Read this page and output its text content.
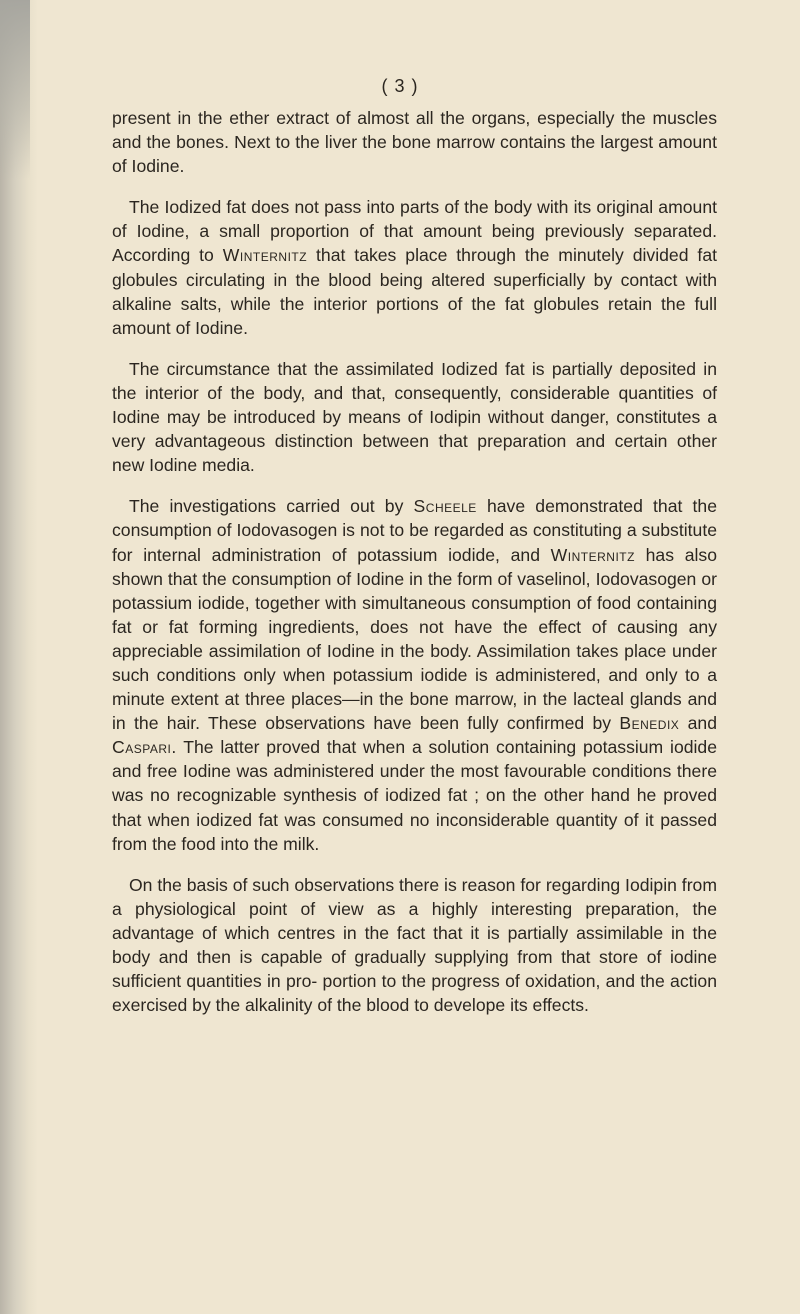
( 3 )

present in the ether extract of almost all the organs, especially the muscles and the bones. Next to the liver the bone marrow contains the largest amount of Iodine.

The Iodized fat does not pass into parts of the body with its original amount of Iodine, a small proportion of that amount being previously separated. According to Winternitz that takes place through the minutely divided fat globules circulating in the blood being altered superficially by contact with alkaline salts, while the interior portions of the fat globules retain the full amount of Iodine.

The circumstance that the assimilated Iodized fat is partially deposited in the interior of the body, and that, consequently, considerable quantities of Iodine may be introduced by means of Iodipin without danger, constitutes a very advantageous distinction between that preparation and certain other new Iodine media.

The investigations carried out by Scheele have demonstrated that the consumption of Iodovasogen is not to be regarded as constituting a substitute for internal administration of potassium iodide, and Winternitz has also shown that the consumption of Iodine in the form of vaselinol, Iodovasogen or potassium iodide, together with simultaneous consumption of food containing fat or fat forming ingredients, does not have the effect of causing any appreciable assimilation of Iodine in the body. Assimilation takes place under such conditions only when potassium iodide is administered, and only to a minute extent at three places—in the bone marrow, in the lacteal glands and in the hair. These observations have been fully confirmed by Benedix and Caspari. The latter proved that when a solution containing potassium iodide and free Iodine was administered under the most favourable conditions there was no recognizable synthesis of iodized fat ; on the other hand he proved that when iodized fat was consumed no inconsiderable quantity of it passed from the food into the milk.

On the basis of such observations there is reason for regarding Iodipin from a physiological point of view as a highly interesting preparation, the advantage of which centres in the fact that it is partially assimilable in the body and then is capable of gradually supplying from that store of iodine sufficient quantities in pro- portion to the progress of oxidation, and the action exercised by the alkalinity of the blood to develope its effects.
